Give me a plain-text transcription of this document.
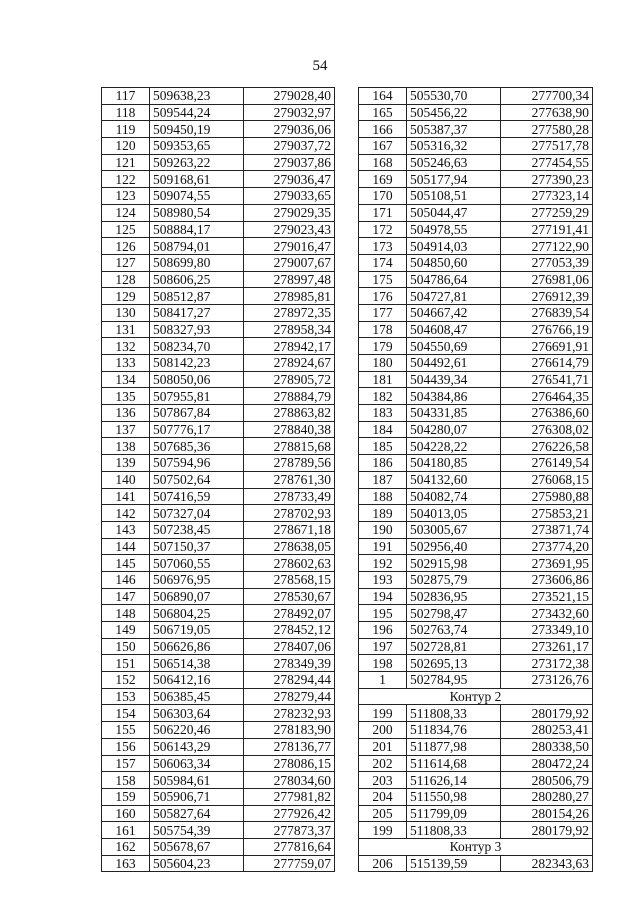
54
117	509638,23	279028,40
118	509544,24	279032,97
119	509450,19	279036,06
120	509353,65	279037,72
121	509263,22	279037,86
122	509168,61	279036,47
123	509074,55	279033,65
124	508980,54	279029,35
125	508884,17	279023,43
126	508794,01	279016,47
127	508699,80	279007,67
128	508606,25	278997,48
129	508512,87	278985,81
130	508417,27	278972,35
131	508327,93	278958,34
132	508234,70	278942,17
133	508142,23	278924,67
134	508050,06	278905,72
135	507955,81	278884,79
136	507867,84	278863,82
137	507776,17	278840,38
138	507685,36	278815,68
139	507594,96	278789,56
140	507502,64	278761,30
141	507416,59	278733,49
142	507327,04	278702,93
143	507238,45	278671,18
144	507150,37	278638,05
145	507060,55	278602,63
146	506976,95	278568,15
147	506890,07	278530,67
148	506804,25	278492,07
149	506719,05	278452,12
150	506626,86	278407,06
151	506514,38	278349,39
152	506412,16	278294,44
153	506385,45	278279,44
154	506303,64	278232,93
155	506220,46	278183,90
156	506143,29	278136,77
157	506063,34	278086,15
158	505984,61	278034,60
159	505906,71	277981,82
160	505827,64	277926,42
161	505754,39	277873,37
162	505678,67	277816,64
163	505604,23	277759,07
164	505530,70	277700,34
165	505456,22	277638,90
166	505387,37	277580,28
167	505316,32	277517,78
168	505246,63	277454,55
169	505177,94	277390,23
170	505108,51	277323,14
171	505044,47	277259,29
172	504978,55	277191,41
173	504914,03	277122,90
174	504850,60	277053,39
175	504786,64	276981,06
176	504727,81	276912,39
177	504667,42	276839,54
178	504608,47	276766,19
179	504550,69	276691,91
180	504492,61	276614,79
181	504439,34	276541,71
182	504384,86	276464,35
183	504331,85	276386,60
184	504280,07	276308,02
185	504228,22	276226,58
186	504180,85	276149,54
187	504132,60	276068,15
188	504082,74	275980,88
189	504013,05	275853,21
190	503005,67	273871,74
191	502956,40	273774,20
192	502915,98	273691,95
193	502875,79	273606,86
194	502836,95	273521,15
195	502798,47	273432,60
196	502763,74	273349,10
197	502728,81	273261,17
198	502695,13	273172,38
1	502784,95	273126,76
Контур 2		
199	511808,33	280179,92
200	511834,76	280253,41
201	511877,98	280338,50
202	511614,68	280472,24
203	511626,14	280506,79
204	511550,98	280280,27
205	511799,09	280154,26
199	511808,33	280179,92
Контур 3		
206	515139,59	282343,63
